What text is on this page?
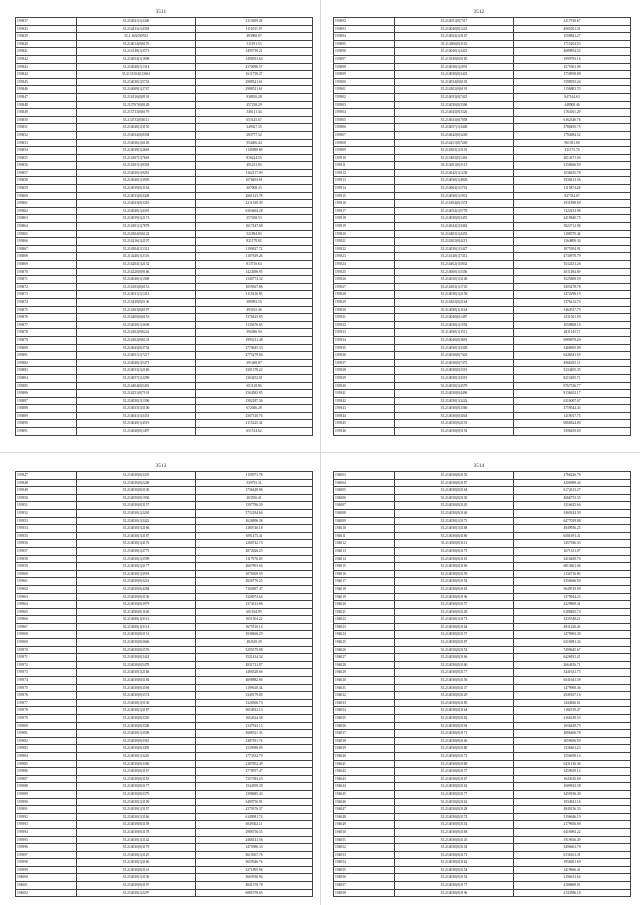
3511
193837	35.214041(1)3446	2113659.28
193943	35.214433(1)4392	1111031.97
193839	35.2 163(0)9552	493968.87
193840	35.214014(0)6176	511191.53
193841	35.214140(1)3573	1495739.21
193942	35.214054(1)1808	1498391.64
193843	35.214040(1)1314	2170096.57
193844	35.2131504(1)3661	1611758.27
193845	35.214030(1)5743	2988521.61
193846	35.214009(1)2747	2988521.61
193847	35.214316(0)8101	938816.28
193848	35.213767(0)8128	457238.29
193849	35.213733(0)6179	346111.34
193850	35.214733(0)8111	653145.67
193851	35.214040(1)3155	349027.35
193852	35.214034(0)8394	283777.32
193853	35.214036(1)6145	554406.44
193854	35.214039(1)2663	1145690.69
193855	35.214307(1)7663	816224.55
193856	35.214301(1)9392	491251.85
193857	35.214030(1)9261	1162117.09
193858	35.214040(1)3903	1076493.81
193859	35.214039(0)3164	367008.33
193860	35.214033(0)3448	2661123.78
193861	35.214043(0)3316	2211338.39
193862	35.214040(1)4301	6304464.28
193863	35.214039(1)2172	357438.53
193864	35.214301(1)7878	1617447.68
193865	35.214304(0)6122	521894.83
193866	35.214216(1)2107	821179.83
193867	35.214304(1)1312	1190637.72
193868	35.214240(1)3116	1107639.26
193869	35.214204(1)2132	813716.63
193870	35.214220(0)9166	1424396.95
193871	35.214040(1)1948	1340774.32
193872	35.214103(0)6151	1059367.86
193873	35.214031(1)1412	3115416.05
193874	35.213439(0)5136	389092.55
193875	35.214303(0)6197	493165.46
193876	35.214400(0)6153	1376425.85
193877	35.214030(1)3638	1135676.65
193878	35.214302(0)6241	596386.94
193879	35.214302(0)6133	1995231.48
193880	35.214043(0)3734	3770645.33
193881	35.214051(1)7217	2775279.84
193882	35.214040(1)5473	391468.87
193883	35.214033(1)2160	3301378.22
193884	35.214057(1)2299	1363452.81
193885	35.214404(0)5491	651118.80
193886	35.214251(0)7101	2564583.85
193887	35.214030(1)1396	1582187.36
193888	35.214033(1)3106	672046.29
193889	35.214041(1)3451	2567310.76
193890	35.214040(1)4519	2115225.34
193891	35.214040(0)1497	651514.62
3512
193892	35.214051(0)7317	3217916.67
193893	35.214040(0)1243	4905561.31
193894	35.214054(1)3167	1590841.27
193895	35.214306(0)3116	1715204.53
193896	35.214040(1)2423	4089854.52
193897	35.213549(0)5165	1999783.16
193898	35.214030(1)2091	2575361.09
193899	35.214030(0)3443	1750958.88
193900	35.214034(0)6193	1598953.24
193901	35.214302(0)6191	1156883.70
193902	35.214053(0)7425	847144.63
193903	35.214030(0)3368	448908.46
193904	35.214043(0)3326	1764011.29
193905	35.214033(0)7058	6162346.76
193906	35.214057(1)3448	3788495.75
193907	35.214042(0)3249	1794084.52
193908	35.214251(0)7249	961391.80
193909	35.214303(1)3101	331173.74
193910	35.213403(0)1463	2014371.04
193911	35.214051(0)3115	3158466.59
193912	35.214042(1)1238	1036635.78
193913	35.214030(1)4803	1938413.56
193914	35.214004(1)1701	1115874.28
193915	35.214030(1)1931	947334.67
193916	35.214304(0)1374	1931898.69
193917	35.214054(1)5778	1322433.96
193918	35.214030(0)3455	4419840.75
193919	35.214044(1)3462	3822712.96
193920	35.214403(1)4453	1188579.44
193921	35.214302(0)4213	1264809.34
193922	35.214030(1)3427	1075304.91
193923	35.214140(1)7412	4730970.79
193924	35.214402(1)5832	3532431.26
193925	35.214060(1)3356	3011494.69
193926	35.214030(1)3146	3525869.59
193927	35.214303(1)1745	3303278.78
193928	35.214030(1)2156	1472296.19
193929	35.214302(0)2164	1376212.70
193930	35.214030(1)1164	3464537.79
193931	35.214040(0)1487	1231561.93
193932	35.214030(1)1592	2058808.16
193933	35.214030(1)1511	2811145.71
193934	35.214040(0)3691	6980879.20
193935	35.214030(1)3349	3468695.99
193936	35.214030(0)7443	6448541.65
193937	35.214030(0)7475	4968435.11
193938	35.214030(0)3319	5234405.35
193939	35.214030(1)3319	8215495.71
193940	35.214030(1)4579	9767536.77
193941	35.214030(0)4496	8136652.17
193942	35.214030(1)3242	6216007.67
193943	35.214030(0)3366	3759542.43
193944	35.214030(0)3044	1419017.75
193945	35.214030(0)2191	6866824.80
193946	35.214030(0)5192	3396450.69
3513
193947	35.214030(0)3435	1159573.78
193948	35.214030(0)2248	539755.31
193949	35.214030(0)3130	1736428.86
193950	35.214050(0)1936	303556.41
193951	35.214030(0)3157	1597786.39
193952	35.214030(1)2265	5752184.64
193953	35.214030(1)3422	1626896.36
193954	35.214030(1)2166	3180740.18
193955	35.214030(1)3187	1091475.41
193956	35.214030(1)4176	1268742.73
193957	35.214030(1)2773	2872626.25
193958	35.214030(1)3599	1117976.49
193959	35.214030(1)3177	2667893.64
193960	35.214030(1)3918	1076309.59
193961	35.214030(0)3241	2826776.25
193962	35.214030(0)4284	7165897.47
193963	35.214030(0)3136	3326974.64
193964	35.214030(0)3979	1374313.86
193965	35.214030(0)1166	601164.99
193966	35.214030(1)3112	1651504.22
193967	35.214030(1)3114	1675510.14
193968	35.214030(0)3151	3938466.29
193969	35.214030(0)3666	482618.39
193970	35.214030(0)3576	5295379.98
193971	35.214030(0)3424	3521434.34
193972	35.214030(0)5478	2831721.87
193973	35.214030(1)2168	1480328.66
193974	35.214030(0)3184	4698882.86
193975	35.214030(0)3594	1199618.34
193976	35.214030(0)3574	3349179.80
193977	35.214030(1)5136	1326560.73
193978	35.214030(1)3187	3654922.14
193979	35.214030(0)3345	1654324.36
193980	35.214030(0)3348	1347923.15
193981	35.214030(1)3509	3688511.35
193982	35.214030(0)3361	2487811.74
193983	35.214030(0)3495	1539588.09
193984	35.214030(1)3245	1773332.79
193985	35.214030(0)3366	2187852.49
193986	35.214030(0)3167	1770957.47
193987	35.214030(0)3155	7257583.23
193988	35.214030(0)3177	1544399.39
193989	35.214030(0)3379	1398685.43
193990	35.214030(1)3109	3499750.91
193991	35.214030(1)3157	2379376.37
193992	35.214030(1)3166	6149981.74
193993	35.214030(0)3158	3049362.11
193994	35.214030(0)3178	2986756.35
193995	35.214030(1)3142	2468141.56
193996	35.214030(0)3179	1475986.33
193997	35.214030(1)3125	3610367.76
193998	35.214030(1)3166	3659346.76
193999	35.214030(0)3141	3271895.96
194000	35.214030(1)3136	3665936.94
194001	35.214030(0)3197	4841578.78
194002	35.214030(1)2297	6081978.65
3514
194003	35.214030(0)3155	2766226.76
194004	35.214030(0)3187	4206989.44
194005	35.214030(0)3164	6174313.27
194006	35.214030(0)3130	4066753.35
194007	35.214030(0)3145	1216625.64
194008	35.214030(0)3146	3469244.39
194009	35.214030(1)3175	6477029.88
194010	35.214030(1)3168	4949936.25
194011	35.214030(0)3180	6581691.41
194012	35.214030(0)3112	1457946.33
194013	35.214030(0)3173	1671331.07
194014	35.214030(0)3161	3410449.70
194015	35.214030(0)3169	6813661.06
194016	35.214030(0)3159	1134716.83
194017	35.214030(0)3154	3356666.50
194018	35.214030(0)3163	3649519.09
194019	35.214030(0)3196	1379944.25
194020	35.214030(0)3157	2229869.41
194021	35.214030(0)3149	6188465.73
194022	35.214030(1)3173	3435548.21
194023	35.214030(0)3164	4811426.45
194024	35.214030(0)3157	1479963.30
194025	35.214030(0)3187	6316981.34
194026	35.214030(0)3152	7499645.67
194027	35.214030(0)3166	6426931.21
194028	35.214030(0)3160	2664816.71
194029	35.214030(0)3177	3441631.75
194030	35.214030(0)3156	6541641.39
194031	35.214030(0)3137	1479968.46
194032	35.214030(0)3129	2949167.16
194033	35.214030(0)3185	1444826.61
194034	35.214030(0)3164	1184519.47
194035	35.214030(0)3182	2166149.53
194036	35.214030(0)3194	1656449.79
194037	35.214030(0)3171	2886466.78
194038	35.214030(0)3146	3659656.59
194039	35.214030(0)3180	1336461.23
194040	35.214030(0)3173	1556658.14
194041	35.214030(0)3168	6431136.36
194042	35.214030(0)3157	3459639.14
194043	35.214030(0)3167	1643616.69
194044	35.214030(0)3162	1689633.58
194045	35.214030(0)3177	3459196.49
194046	35.214030(0)3162	1934941.16
194047	35.214030(0)3128	4849136.33
194048	35.214030(0)3174	3196646.19
194049	35.214030(0)3154	2179656.69
194050	35.214030(0)3168	6416984.22
194051	35.214030(0)3145	1919636.49
194052	35.214030(0)3154	3496661.79
194053	35.214030(0)3171	6136161.31
194054	35.214030(0)3162	3956691.69
194055	35.214030(0)3154	1419666.41
194056	35.214030(0)3152	2196613.62
194057	35.214030(0)3177	4186869.91
194058	35.214030(0)3196	4143586.18
